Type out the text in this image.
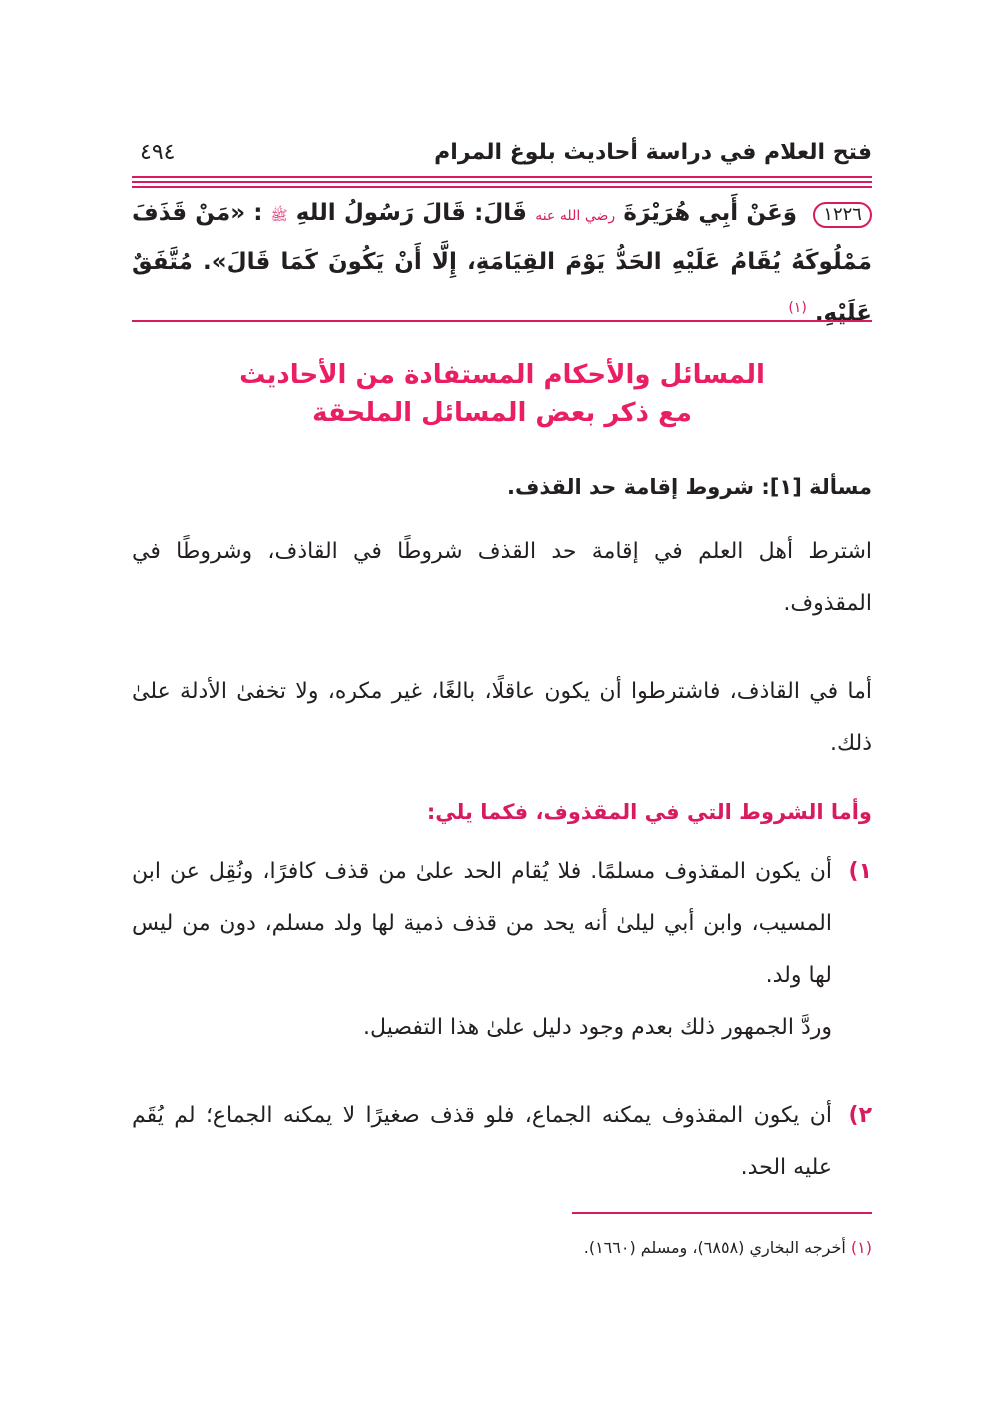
فتح العلام في دراسة أحاديث بلوغ المرام
٤٩٤
١٢٢٦ وَعَنْ أَبِي هُرَيْرَةَ رضي الله عنه قَالَ: قَالَ رَسُولُ اللهِ ﷺ : «مَنْ قَذَفَ مَمْلُوكَهُ يُقَامُ عَلَيْهِ الحَدُّ يَوْمَ القِيَامَةِ، إِلَّا أَنْ يَكُونَ كَمَا قَالَ». مُتَّفَقٌ عَلَيْهِ. $^{(١)}$
المسائل والأحكام المستفادة من الأحاديث
مع ذكر بعض المسائل الملحقة
مسألة [١]: شروط إقامة حد القذف.
اشترط أهل العلم في إقامة حد القذف شروطًا في القاذف، وشروطًا في المقذوف.
أما في القاذف، فاشترطوا أن يكون عاقلًا، بالغًا، غير مكره، ولا تخفىٰ الأدلة علىٰ ذلك.
وأما الشروط التي في المقذوف، فكما يلي:
١)
أن يكون المقذوف مسلمًا. فلا يُقام الحد علىٰ من قذف كافرًا، ونُقِل عن ابن المسيب، وابن أبي ليلىٰ أنه يحد من قذف ذمية لها ولد مسلم، دون من ليس لها ولد.
وردَّ الجمهور ذلك بعدم وجود دليل علىٰ هذا التفصيل.
٢)
أن يكون المقذوف يمكنه الجماع، فلو قذف صغيرًا لا يمكنه الجماع؛ لم يُقَم عليه الحد.
(١) أخرجه البخاري (٦٨٥٨)، ومسلم (١٦٦٠).
